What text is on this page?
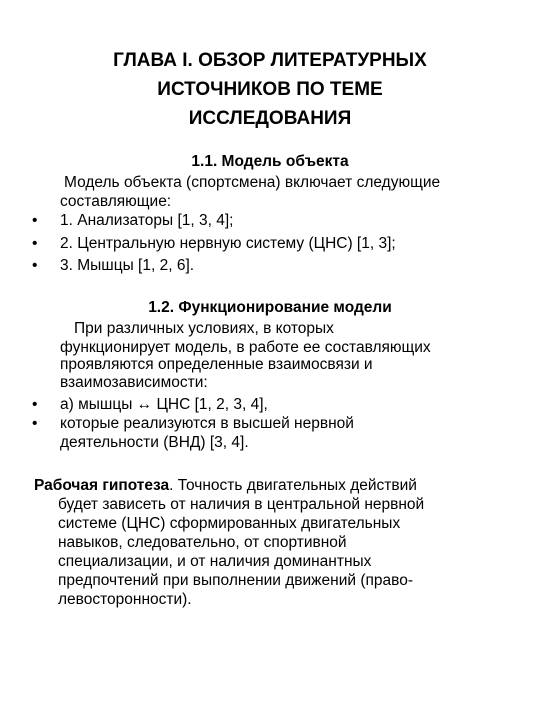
ГЛАВА I. ОБЗОР ЛИТЕРАТУРНЫХ
ИСТОЧНИКОВ ПО ТЕМЕ
ИССЛЕДОВАНИЯ
1.1. Модель объекта
Модель объекта (спортсмена) включает следующие
составляющие:
• 1. Анализаторы [1, 3, 4];
• 2. Центральную нервную систему (ЦНС) [1, 3];
• 3. Мышцы [1, 2, 6].
1.2. Функционирование модели
При различных условиях, в которых
функционирует модель, в работе ее составляющих
проявляются определенные взаимосвязи и
взаимозависимости:
• а) мышцы ↔ ЦНС [1, 2, 3, 4],
• которые реализуются в высшей нервной
деятельности (ВНД) [3, 4].
Рабочая гипотеза. Точность двигательных действий
будет зависеть от наличия в центральной нервной
системе (ЦНС) сформированных двигательных
навыков, следовательно, от спортивной
специализации, и от наличия доминантных
предпочтений при выполнении движений (право-
левосторонности).
